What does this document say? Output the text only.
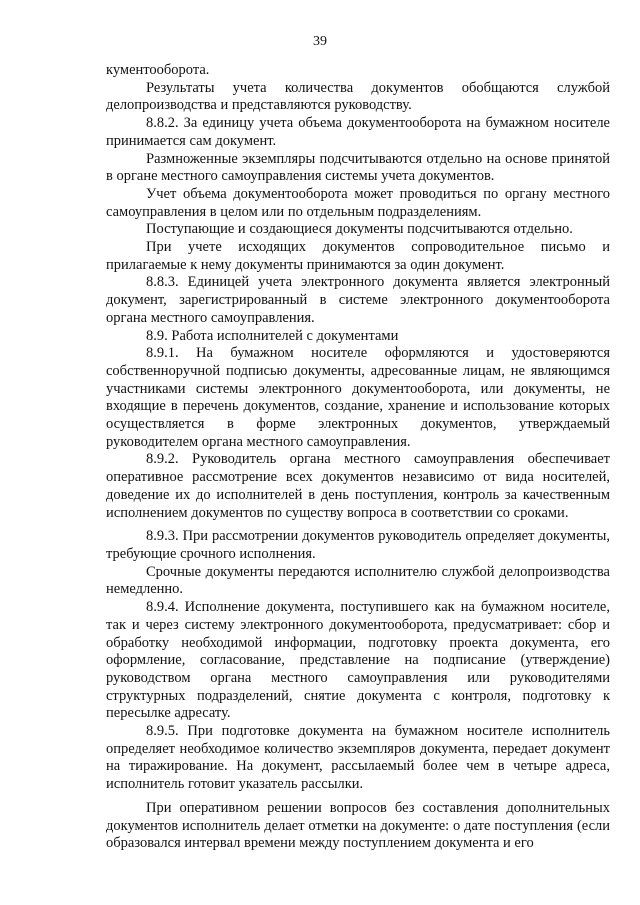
39

кументооборота.

Результаты учета количества документов обобщаются службой делопроизводства и представляются руководству.

8.8.2. За единицу учета объема документооборота на бумажном носителе принимается сам документ.

Размноженные экземпляры подсчитываются отдельно на основе принятой в органе местного самоуправления системы учета документов.

Учет объема документооборота может проводиться по органу местного самоуправления в целом или по отдельным подразделениям.

Поступающие и создающиеся документы подсчитываются отдельно.

При учете исходящих документов сопроводительное письмо и прилагаемые к нему документы принимаются за один документ.

8.8.3. Единицей учета электронного документа является электронный документ, зарегистрированный в системе электронного документооборота органа местного самоуправления.

8.9. Работа исполнителей с документами

8.9.1. На бумажном носителе оформляются и удостоверяются собственноручной подписью документы, адресованные лицам, не являющимся участниками системы электронного документооборота, или документы, не входящие в перечень документов, создание, хранение и использование которых осуществляется в форме электронных документов, утверждаемый руководителем органа местного самоуправления.

8.9.2. Руководитель органа местного самоуправления обеспечивает оперативное рассмотрение всех документов независимо от вида носителей, доведение их до исполнителей в день поступления, контроль за качественным исполнением документов по существу вопроса в соответствии со сроками.

8.9.3. При рассмотрении документов руководитель определяет документы, требующие срочного исполнения.

Срочные документы передаются исполнителю службой делопроизводства немедленно.

8.9.4. Исполнение документа, поступившего как на бумажном носителе, так и через систему электронного документооборота, предусматривает: сбор и обработку необходимой информации, подготовку проекта документа, его оформление, согласование, представление на подписание (утверждение) руководством органа местного самоуправления или руководителями структурных подразделений, снятие документа с контроля, подготовку к пересылке адресату.

8.9.5. При подготовке документа на бумажном носителе исполнитель определяет необходимое количество экземпляров документа, передает документ на тиражирование. На документ, рассылаемый более чем в четыре адреса, исполнитель готовит указатель рассылки.

При оперативном решении вопросов без составления дополнительных документов исполнитель делает отметки на документе: о дате поступления (если образовался интервал времени между поступлением документа и его
